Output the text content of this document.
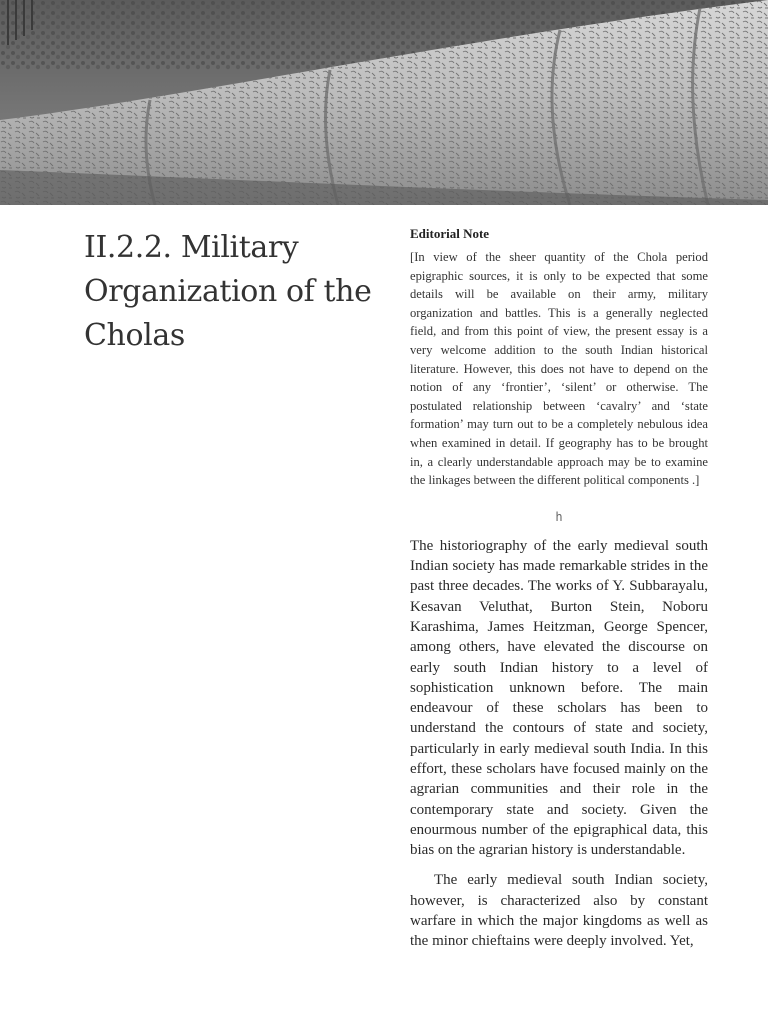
II.2.2. Military Organization of the Cholas
Editorial Note

[In view of the sheer quantity of the Chola period epigraphic sources, it is only to be expected that some details will be available on their army, military organization and battles. This is a generally neglected field, and from this point of view, the present essay is a very welcome addition to the south Indian historical literature. However, this does not have to depend on the notion of any ‘frontier’, ‘silent’ or otherwise. The postulated relationship between ‘cavalry’ and ‘state formation’ may turn out to be a completely nebulous idea when examined in detail. If geography has to be brought in, a clearly understandable approach may be to examine the linkages between the different political components .]

h

The historiography of the early medieval south Indian society has made remarkable strides in the past three decades. The works of Y. Subbarayalu, Kesavan Veluthat, Burton Stein, Noboru Karashima, James Heitzman, George Spencer, among others, have elevated the discourse on early south Indian history to a level of sophistication unknown before. The main endeavour of these scholars has been to understand the contours of state and society, particularly in early medieval south India. In this effort, these scholars have focused mainly on the agrarian communities and their role in the contemporary state and society. Given the enourmous number of the epigraphical data, this bias on the agrarian history is understandable.

The early medieval south Indian society, however, is characterized also by constant warfare in which the major kingdoms as well as the minor chieftains were deeply involved. Yet,
